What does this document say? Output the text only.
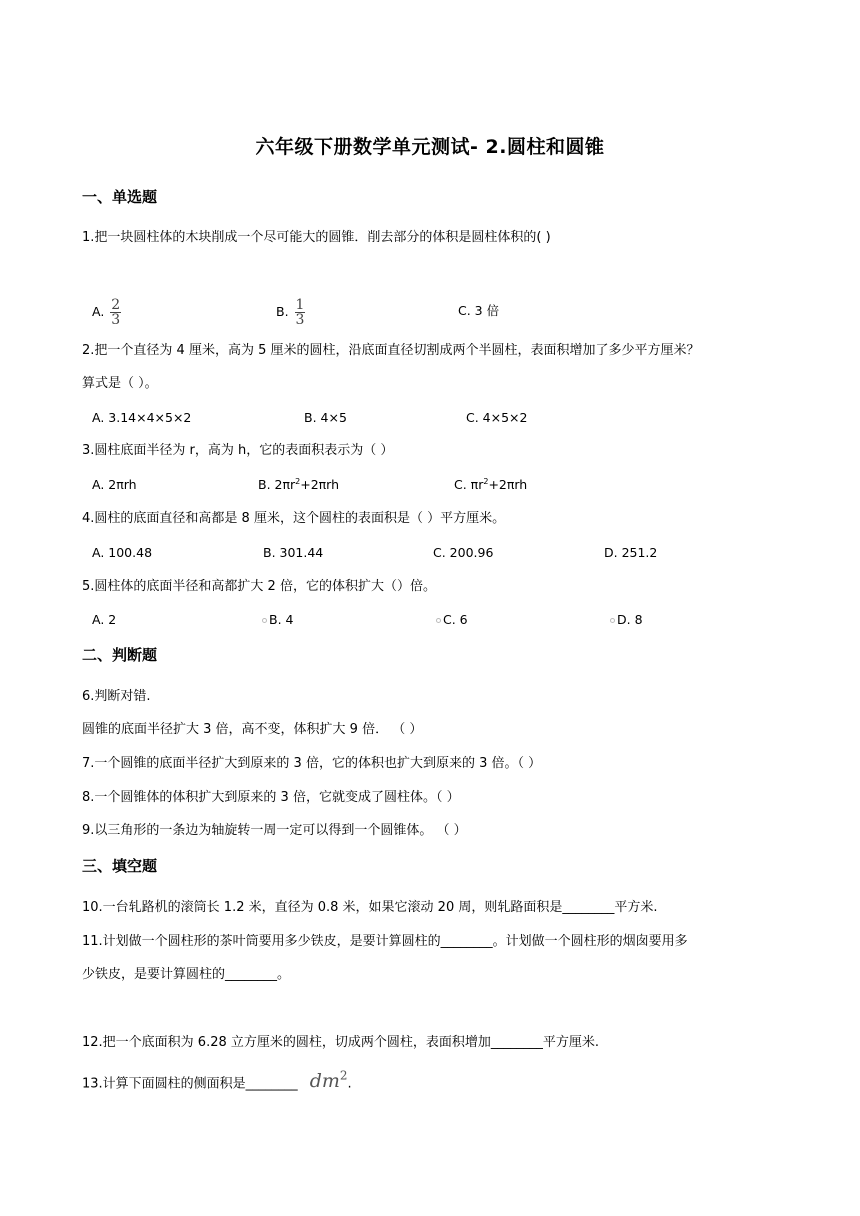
六年级下册数学单元测试- 2.圆柱和圆锥
一、单选题
1.把一块圆柱体的木块削成一个尽可能大的圆锥．削去部分的体积是圆柱体积的( )
A. $\frac{2}{3}$	B. $\frac{1}{3}$	C. 3 倍
2.把一个直径为 4 厘米，高为 5 厘米的圆柱，沿底面直径切割成两个半圆柱，表面积增加了多少平方厘米？
算式是（ ）。
A. 3.14×4×5×2	B. 4×5	C. 4×5×2
3.圆柱底面半径为 r，高为 h，它的表面积表示为（ ）
A. 2πrh	B. $2\pi r^2+2\pi rh$	C. $\pi r^2+2\pi rh$
4.圆柱的底面直径和高都是 8 厘米，这个圆柱的表面积是（ ）平方厘米。
A. 100.48	B. 301.44	C. 200.96	D. 251.2
5.圆柱体的底面半径和高都扩大 2 倍，它的体积扩大（）倍。
A. 2	B. 4	C. 6	D. 8
二、判断题
6.判断对错.
圆锥的底面半径扩大 3 倍，高不变，体积扩大 9 倍． （ ）
7.一个圆锥的底面半径扩大到原来的 3 倍，它的体积也扩大到原来的 3 倍。（ ）
8.一个圆锥体的体积扩大到原来的 3 倍，它就变成了圆柱体。（ ）
9.以三角形的一条边为轴旋转一周一定可以得到一个圆锥体。 （ ）
三、填空题
10.一台轧路机的滚筒长 1.2 米，直径为 0.8 米，如果它滚动 20 周，则轧路面积是________平方米.
11.计划做一个圆柱形的茶叶筒要用多少铁皮，是要计算圆柱的________。计划做一个圆柱形的烟囱要用多
少铁皮，是要计算圆柱的________。
12.把一个底面积为 6.28 立方厘米的圆柱，切成两个圆柱，表面积增加________平方厘米.
13.计算下面圆柱的侧面积是________ $dm^2$.
